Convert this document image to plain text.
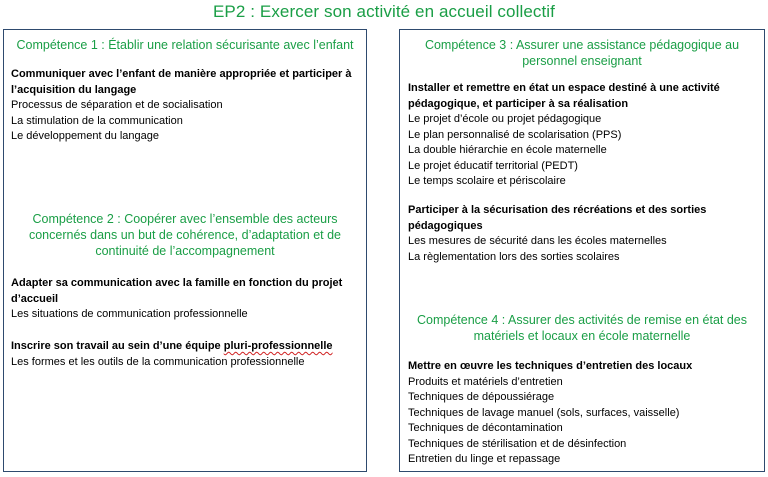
EP2 : Exercer son activité en accueil collectif
Compétence 1 : Établir une relation sécurisante avec l’enfant
Communiquer avec l’enfant de manière appropriée et participer à
l’acquisition du langage
Processus de séparation et de socialisation
La stimulation de la communication
Le développement du langage
Compétence 2 : Coopérer avec l’ensemble des acteurs
concernés dans un but de cohérence, d’adaptation et de
continuité de l’accompagnement
Adapter sa communication avec la famille en fonction du projet
d’accueil
Les situations de communication professionnelle
Inscrire son travail au sein d’une équipe pluri-professionnelle
Les formes et les outils de la communication professionnelle
Compétence 3 : Assurer une assistance pédagogique au
personnel enseignant
Installer et remettre en état un espace destiné à une activité
pédagogique, et participer à sa réalisation
Le projet d’école ou projet pédagogique
Le plan personnalisé de scolarisation (PPS)
La double hiérarchie en école maternelle
Le projet éducatif territorial (PEDT)
Le temps scolaire et périscolaire
Participer à la sécurisation des récréations et des sorties
pédagogiques
Les mesures de sécurité dans les écoles maternelles
La règlementation lors des sorties scolaires
Compétence 4 : Assurer des activités de remise en état des
matériels et locaux en école maternelle
Mettre en œuvre les techniques d’entretien des locaux
Produits et matériels d’entretien
Techniques de dépoussiérage
Techniques de lavage manuel (sols, surfaces, vaisselle)
Techniques de décontamination
Techniques de stérilisation et de désinfection
Entretien du linge et repassage
